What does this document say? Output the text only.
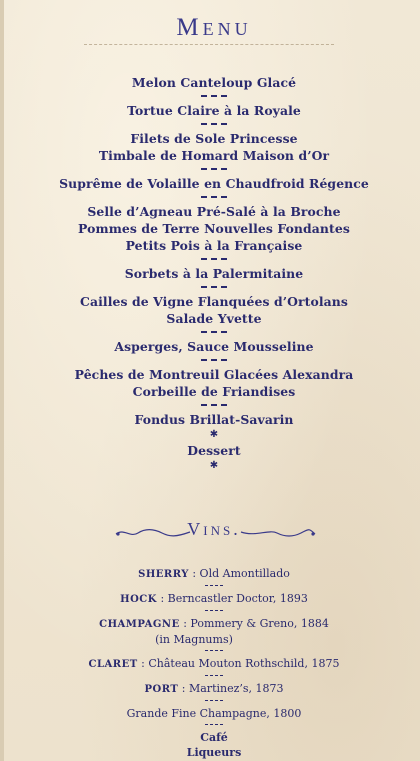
Menu
Melon Canteloup Glacé
Tortue Claire à la Royale
Filets de Sole Princesse
Timbale de Homard Maison d’Or
Suprême de Volaille en Chaudfroid Régence
Selle d’Agneau Pré-Salé à la Broche
Pommes de Terre Nouvelles Fondantes
Petits Pois à la Française
Sorbets à la Palermitaine
Cailles de Vigne Flanquées d’Ortolans
Salade Yvette
Asperges, Sauce Mousseline
Pêches de Montreuil Glacées Alexandra
Corbeille de Friandises
Fondus Brillat-Savarin
✱
Dessert
✱
Vins.
SHERRY : Old Amontillado
HOCK : Berncastler Doctor, 1893
CHAMPAGNE : Pommery & Greno, 1884
(in Magnums)
CLARET : Château Mouton Rothschild, 1875
PORT : Martinez’s, 1873
Grande Fine Champagne, 1800
Café
Liqueurs
